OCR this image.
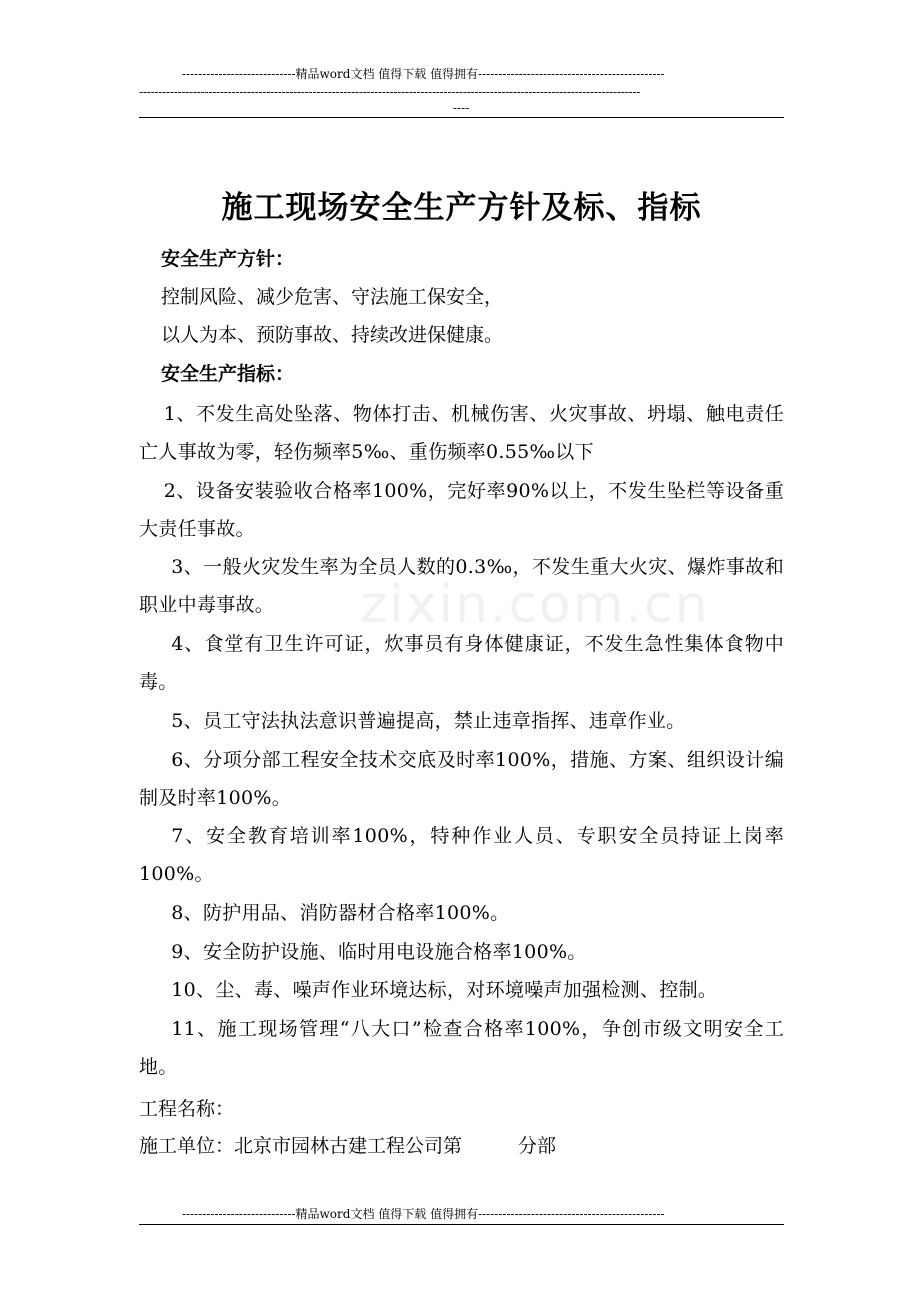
----------------------------精品word文档 值得下载 值得拥有----------------------------------------------
----------------------------------------------------------------------------------------------------------------------------------
----
zixin.com.cn
施工现场安全生产方针及标、指标
安全生产方针：
控制风险、减少危害、守法施工保安全，
以人为本、预防事故、持续改进保健康。
安全生产指标：
1、不发生高处坠落、物体打击、机械伤害、火灾事故、坍塌、触电责任亡人事故为零，轻伤频率5‰、重伤频率0.55‰以下
2、设备安装验收合格率100%，完好率90%以上，不发生坠栏等设备重大责任事故。
3、一般火灾发生率为全员人数的0.3‰，不发生重大火灾、爆炸事故和职业中毒事故。
4、食堂有卫生许可证，炊事员有身体健康证，不发生急性集体食物中毒。
5、员工守法执法意识普遍提高，禁止违章指挥、违章作业。
6、分项分部工程安全技术交底及时率100%，措施、方案、组织设计编制及时率100%。
7、安全教育培训率100%，特种作业人员、专职安全员持证上岗率100%。
8、防护用品、消防器材合格率100%。
9、安全防护设施、临时用电设施合格率100%。
10、尘、毒、噪声作业环境达标，对环境噪声加强检测、控制。
11、施工现场管理“八大口”检查合格率100%，争创市级文明安全工地。
工程名称：
施工单位：北京市园林古建工程公司第	分部
----------------------------精品word文档 值得下载 值得拥有----------------------------------------------
